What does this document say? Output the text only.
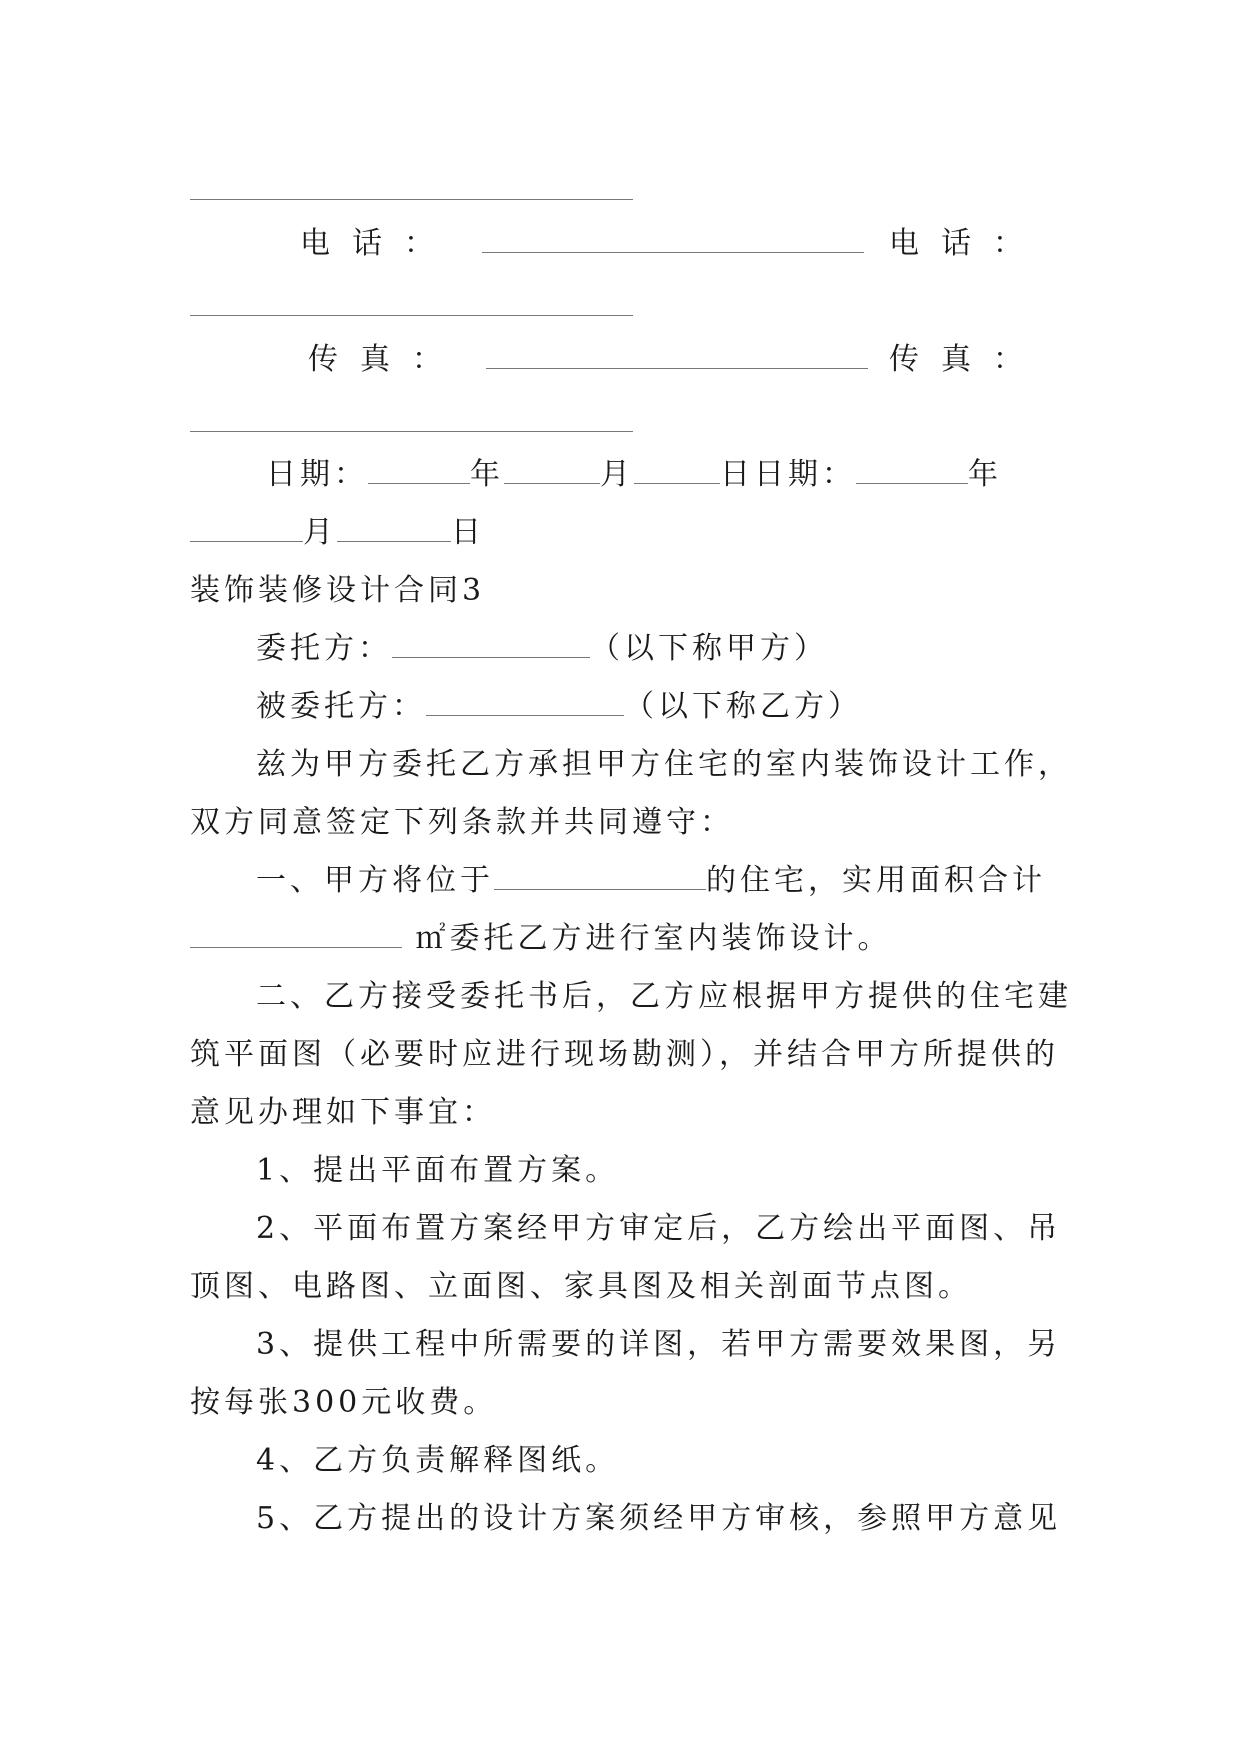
电话：	电话：
传真：	传真：
日期：	年	月	日日期：	年
月	日
装饰装修设计合同3
委托方：	（以下称甲方）
被委托方：	（以下称乙方）
兹为甲方委托乙方承担甲方住宅的室内装饰设计工作，
双方同意签定下列条款并共同遵守：
一、甲方将位于	的住宅，实用面积合计
㎡委托乙方进行室内装饰设计。
二、乙方接受委托书后，乙方应根据甲方提供的住宅建
筑平面图（必要时应进行现场勘测），并结合甲方所提供的
意见办理如下事宜：
1、提出平面布置方案。
2、平面布置方案经甲方审定后，乙方绘出平面图、吊
顶图、电路图、立面图、家具图及相关剖面节点图。
3、提供工程中所需要的详图，若甲方需要效果图，另
按每张300元收费。
4、乙方负责解释图纸。
5、乙方提出的设计方案须经甲方审核，参照甲方意见
